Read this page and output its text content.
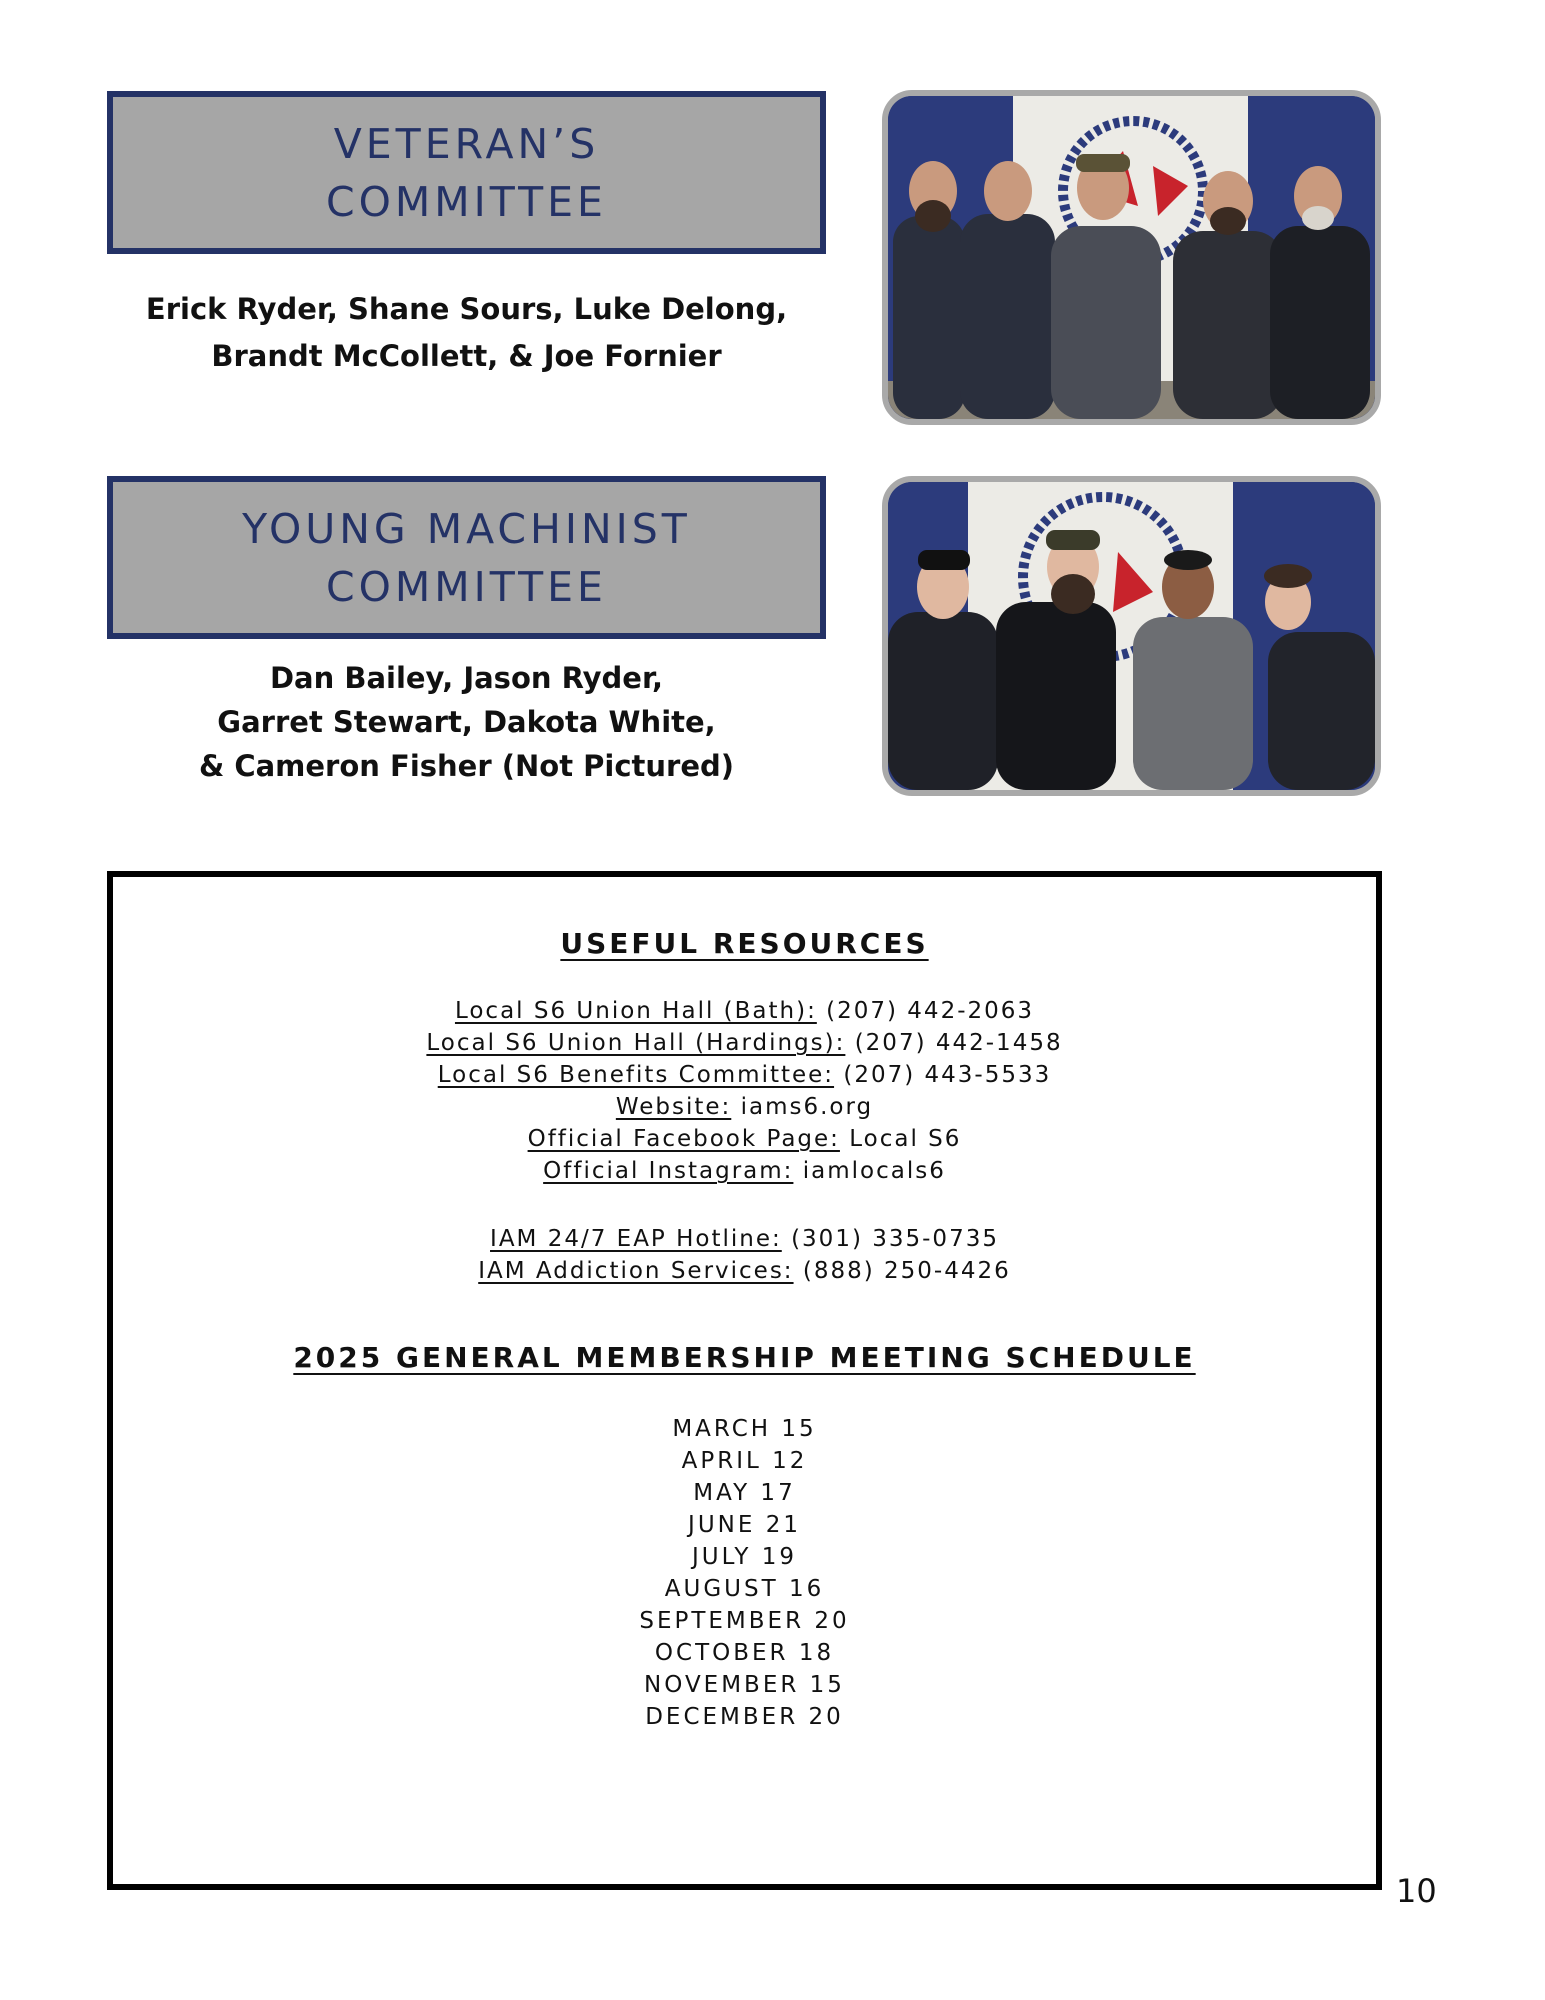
VETERAN’S
COMMITTEE
Erick Ryder, Shane Sours, Luke Delong,
Brandt McCollett, & Joe Fornier
YOUNG MACHINIST
COMMITTEE
Dan Bailey, Jason Ryder,
Garret Stewart, Dakota White,
& Cameron Fisher (Not Pictured)
USEFUL RESOURCES
Local S6 Union Hall (Bath): (207) 442-2063
Local S6 Union Hall (Hardings): (207) 442-1458
Local S6 Benefits Committee: (207) 443-5533
Website: iams6.org
Official Facebook Page: Local S6
Official Instagram: iamlocals6
IAM 24/7 EAP Hotline: (301) 335-0735
IAM Addiction Services: (888) 250-4426
2025 GENERAL MEMBERSHIP MEETING SCHEDULE
MARCH 15
APRIL 12
MAY 17
JUNE 21
JULY 19
AUGUST 16
SEPTEMBER 20
OCTOBER 18
NOVEMBER 15
DECEMBER 20
10
